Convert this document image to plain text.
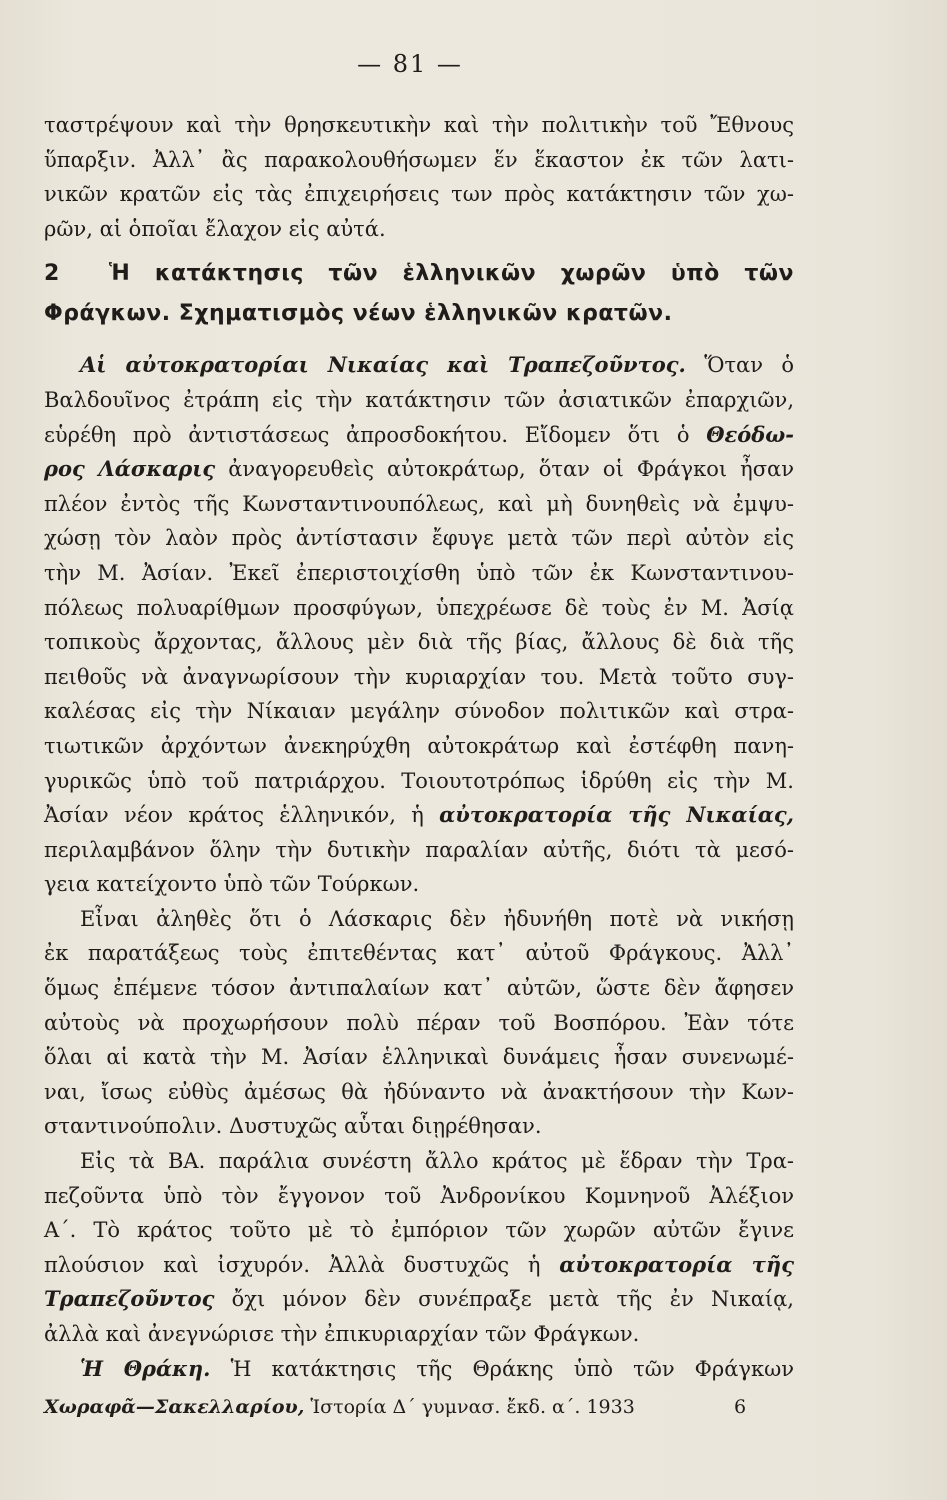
— 81 —
ταστρέψουν καὶ τὴν θρησκευτικὴν καὶ τὴν πολιτικὴν τοῦ Ἔθνους
ὕπαρξιν. Ἀλλ᾽ ἂς παρακολουθήσωμεν ἕν ἕκαστον ἐκ τῶν λατι-
νικῶν κρατῶν εἰς τὰς ἐπιχειρήσεις των πρὸς κατάκτησιν τῶν χω-
ρῶν, αἱ ὁποῖαι ἔλαχον εἰς αὐτά.
2 Ἡ κατάκτησις τῶν ἑλληνικῶν χωρῶν ὑπὸ τῶν
Φράγκων. Σχηματισμὸς νέων ἑλληνικῶν κρατῶν.
Αἱ αὐτοκρατορίαι Νικαίας καὶ Τραπεζοῦντος. Ὅταν ὁ
Βαλδουῖνος ἐτράπη εἰς τὴν κατάκτησιν τῶν ἀσιατικῶν ἐπαρχιῶν,
εὑρέθη πρὸ ἀντιστάσεως ἀπροσδοκήτου. Εἴδομεν ὅτι ὁ Θεόδω-
ρος Λάσκαρις ἀναγορευθεὶς αὐτοκράτωρ, ὅταν οἱ Φράγκοι ἦσαν
πλέον ἐντὸς τῆς Κωνσταντινουπόλεως, καὶ μὴ δυνηθεὶς νὰ ἐμψυ-
χώσῃ τὸν λαὸν πρὸς ἀντίστασιν ἔφυγε μετὰ τῶν περὶ αὐτὸν εἰς
τὴν Μ. Ἀσίαν. Ἐκεῖ ἐπεριστοιχίσθη ὑπὸ τῶν ἐκ Κωνσταντινου-
πόλεως πολυαρίθμων προσφύγων, ὑπεχρέωσε δὲ τοὺς ἐν Μ. Ἀσίᾳ
τοπικοὺς ἄρχοντας, ἄλλους μὲν διὰ τῆς βίας, ἄλλους δὲ διὰ τῆς
πειθοῦς νὰ ἀναγνωρίσουν τὴν κυριαρχίαν του. Μετὰ τοῦτο συγ-
καλέσας εἰς τὴν Νίκαιαν μεγάλην σύνοδον πολιτικῶν καὶ στρα-
τιωτικῶν ἀρχόντων ἀνεκηρύχθη αὐτοκράτωρ καὶ ἐστέφθη πανη-
γυρικῶς ὑπὸ τοῦ πατριάρχου. Τοιουτοτρόπως ἱδρύθη εἰς τὴν Μ.
Ἀσίαν νέον κράτος ἑλληνικόν, ἡ αὐτοκρατορία τῆς Νικαίας,
περιλαμβάνον ὅλην τὴν δυτικὴν παραλίαν αὐτῆς, διότι τὰ μεσό-
γεια κατείχοντο ὑπὸ τῶν Τούρκων.
Εἶναι ἀληθὲς ὅτι ὁ Λάσκαρις δὲν ἠδυνήθη ποτὲ νὰ νικήσῃ
ἐκ παρατάξεως τοὺς ἐπιτεθέντας κατ᾽ αὐτοῦ Φράγκους. Ἀλλ᾽
ὅμως ἐπέμενε τόσον ἀντιπαλαίων κατ᾽ αὐτῶν, ὥστε δὲν ἄφησεν
αὐτοὺς νὰ προχωρήσουν πολὺ πέραν τοῦ Βοσπόρου. Ἐὰν τότε
ὅλαι αἱ κατὰ τὴν Μ. Ἀσίαν ἑλληνικαὶ δυνάμεις ἦσαν συνενωμέ-
ναι, ἴσως εὐθὺς ἀμέσως θὰ ἠδύναντο νὰ ἀνακτήσουν τὴν Κων-
σταντινούπολιν. Δυστυχῶς αὗται διῃρέθησαν.
Εἰς τὰ ΒΑ. παράλια συνέστη ἄλλο κράτος μὲ ἕδραν τὴν Τρα-
πεζοῦντα ὑπὸ τὸν ἔγγονον τοῦ Ἀνδρονίκου Κομνηνοῦ Ἀλέξιον
Α΄. Τὸ κράτος τοῦτο μὲ τὸ ἐμπόριον τῶν χωρῶν αὐτῶν ἔγινε
πλούσιον καὶ ἰσχυρόν. Ἀλλὰ δυστυχῶς ἡ αὐτοκρατορία τῆς
Τραπεζοῦντος ὄχι μόνον δὲν συνέπραξε μετὰ τῆς ἐν Νικαίᾳ,
ἀλλὰ καὶ ἀνεγνώρισε τὴν ἐπικυριαρχίαν τῶν Φράγκων.
Ἡ Θράκη. Ἡ κατάκτησις τῆς Θράκης ὑπὸ τῶν Φράγκων
Χωραφᾶ—Σακελλαρίου, Ἱστορία Δ΄ γυμνασ. ἔκδ. α΄. 1933	6
